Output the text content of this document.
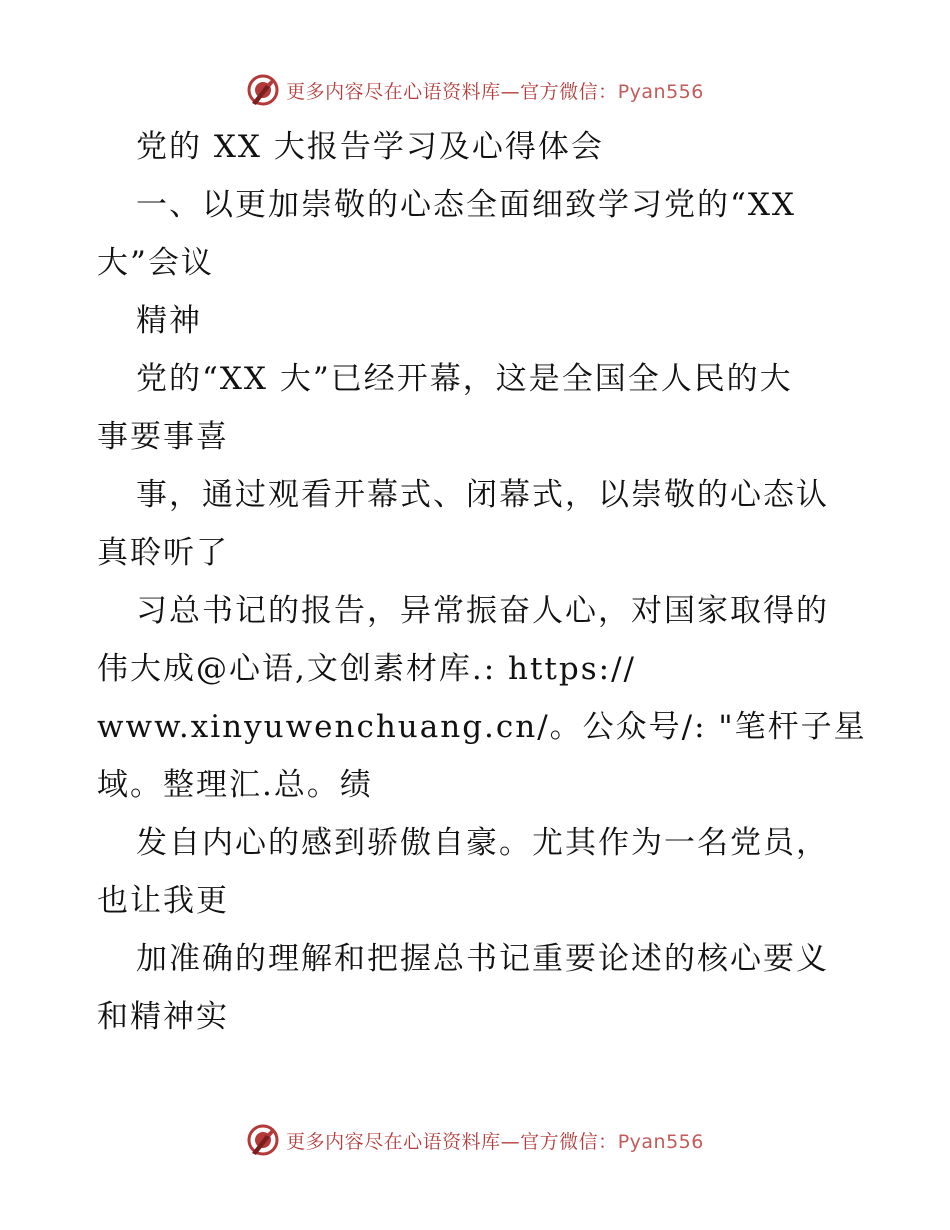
更多内容尽在心语资料库—官方微信：Pyan556
党的 XX 大报告学习及心得体会
一、以更加崇敬的心态全面细致学习党的“XX
大”会议
精神
党的“XX 大”已经开幕，这是全国全人民的大
事要事喜
事，通过观看开幕式、闭幕式，以崇敬的心态认
真聆听了
习总书记的报告，异常振奋人心，对国家取得的
伟大成@心语,文创素材库.: https://
www.xinyuwenchuang.cn/。公众号/: "笔杆子星
域。整理汇.总。绩
发自内心的感到骄傲自豪。尤其作为一名党员，
也让我更
加准确的理解和把握总书记重要论述的核心要义
和精神实
更多内容尽在心语资料库—官方微信：Pyan556
